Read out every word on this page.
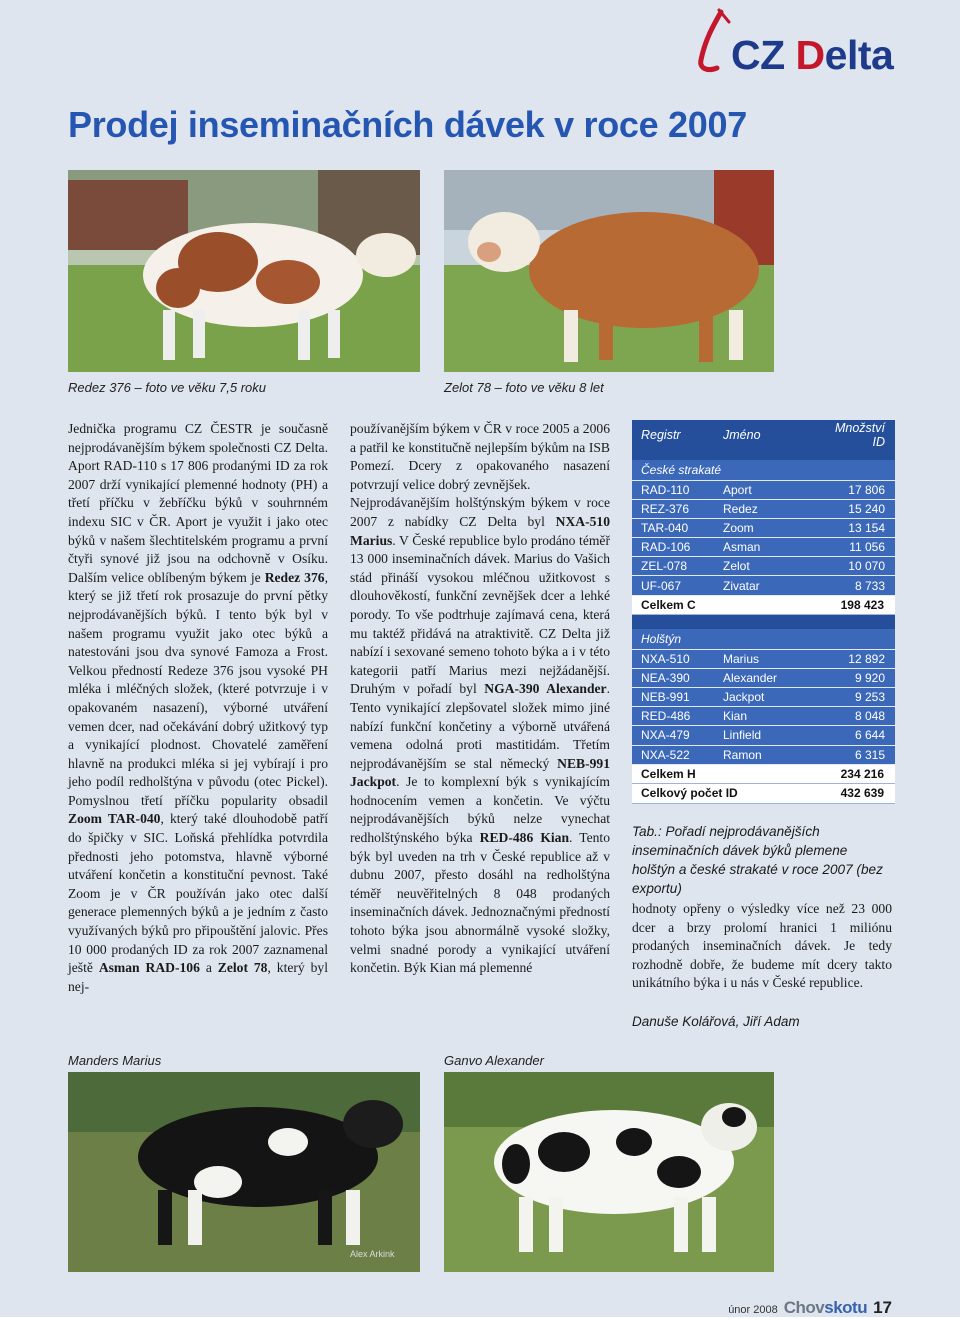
CZ Delta
Prodej inseminačních dávek v roce 2007
Redez 376 – foto ve věku 7,5 roku	Zelot 78 – foto ve věku 8 let

Jednička programu CZ ČESTR je současně nejprodávanějším býkem společnosti CZ Delta. Aport RAD-110 s 17 806 prodanými ID za rok 2007 drží vynikající plemenné hodnoty (PH) a třetí příčku v žebříčku býků v souhrnném indexu SIC v ČR. Aport je využit i jako otec býků v našem šlechtitelském programu a první čtyři synové již jsou na odchovně v Osíku. Dalším velice oblíbeným býkem je Redez 376, který se již třetí rok prosazuje do první pětky nejprodávanějších býků. I tento býk byl v našem programu využit jako otec býků a natestováni jsou dva synové Famoza a Frost. Velkou předností Redeze 376 jsou vysoké PH mléka i mléčných složek, (které potvrzuje i v opakovaném nasazení), výborné utváření vemen dcer, nad očekávání dobrý užitkový typ a vynikající plodnost. Chovatelé zaměření hlavně na produkci mléka si jej vybírají i pro jeho podíl redholštýna v původu (otec Pickel). Pomyslnou třetí příčku popularity obsadil Zoom TAR-040, který také dlouhodobě patří do špičky v SIC. Loňská přehlídka potvrdila přednosti jeho potomstva, hlavně výborné utváření končetin a konstituční pevnost. Také Zoom je v ČR používán jako otec další generace plemenných býků a je jedním z často využívaných býků pro připouštění jalovic. Přes 10 000 prodaných ID za rok 2007 zaznamenal ještě Asman RAD-106 a Zelot 78, který byl nej-

používanějším býkem v ČR v roce 2005 a 2006 a patřil ke konstitučně nejlepším býkům na ISB Pomezí. Dcery z opakovaného nasazení potvrzují velice dobrý zevnějšek.

Nejprodávanějším holštýnským býkem v roce 2007 z nabídky CZ Delta byl NXA-510 Marius. V České republice bylo prodáno téměř 13 000 inseminačních dávek. Marius do Vašich stád přináší vysokou mléčnou užitkovost s dlouhověkostí, funkční zevnějšek dcer a lehké porody. To vše podtrhuje zajímavá cena, která mu taktéž přidává na atraktivitě. CZ Delta již nabízí i sexované semeno tohoto býka a i v této kategorii patří Marius mezi nejžádanější. Druhým v pořadí byl NGA-390 Alexander. Tento vynikající zlepšovatel složek mimo jiné nabízí funkční končetiny a výborně utvářená vemena odolná proti mastitidám. Třetím nejprodávanějším se stal německý NEB-991 Jackpot. Je to komplexní býk s vynikajícím hodnocením vemen a končetin. Ve výčtu nejprodávanějších býků nelze vynechat redholštýnského býka RED-486 Kian. Tento býk byl uveden na trh v České republice až v dubnu 2007, přesto dosáhl na redholštýna téměř neuvěřitelných 8 048 prodaných inseminačních dávek. Jednoznačnými předností tohoto býka jsou abnormálně vysoké složky, velmi snadné porody a vynikající utváření končetin. Býk Kian má plemenné

Registr	Jméno	Množství ID
České strakaté
RAD-110	Aport	17 806
REZ-376	Redez	15 240
TAR-040	Zoom	13 154
RAD-106	Asman	11 056
ZEL-078	Zelot	10 070
UF-067	Zivatar	8 733
Celkem C	198 423
Holštýn
NXA-510	Marius	12 892
NEA-390	Alexander	9 920
NEB-991	Jackpot	9 253
RED-486	Kian	8 048
NXA-479	Linfield	6 644
NXA-522	Ramon	6 315
Celkem H	234 216
Celkový počet ID	432 639
Tab.: Pořadí nejprodávanějších inseminačních dávek býků plemene holštýn a české strakaté v roce 2007 (bez exportu)

hodnoty opřeny o výsledky více než 23 000 dcer a brzy prolomí hranici 1 miliónu prodaných inseminačních dávek. Je tedy rozhodně dobře, že budeme mít dcery takto unikátního býka i u nás v České republice.

Danuše Kolářová, Jiří Adam
Manders Marius	Ganvo Alexander
Alex Arkink
únor 2008 Chovskotu 17
